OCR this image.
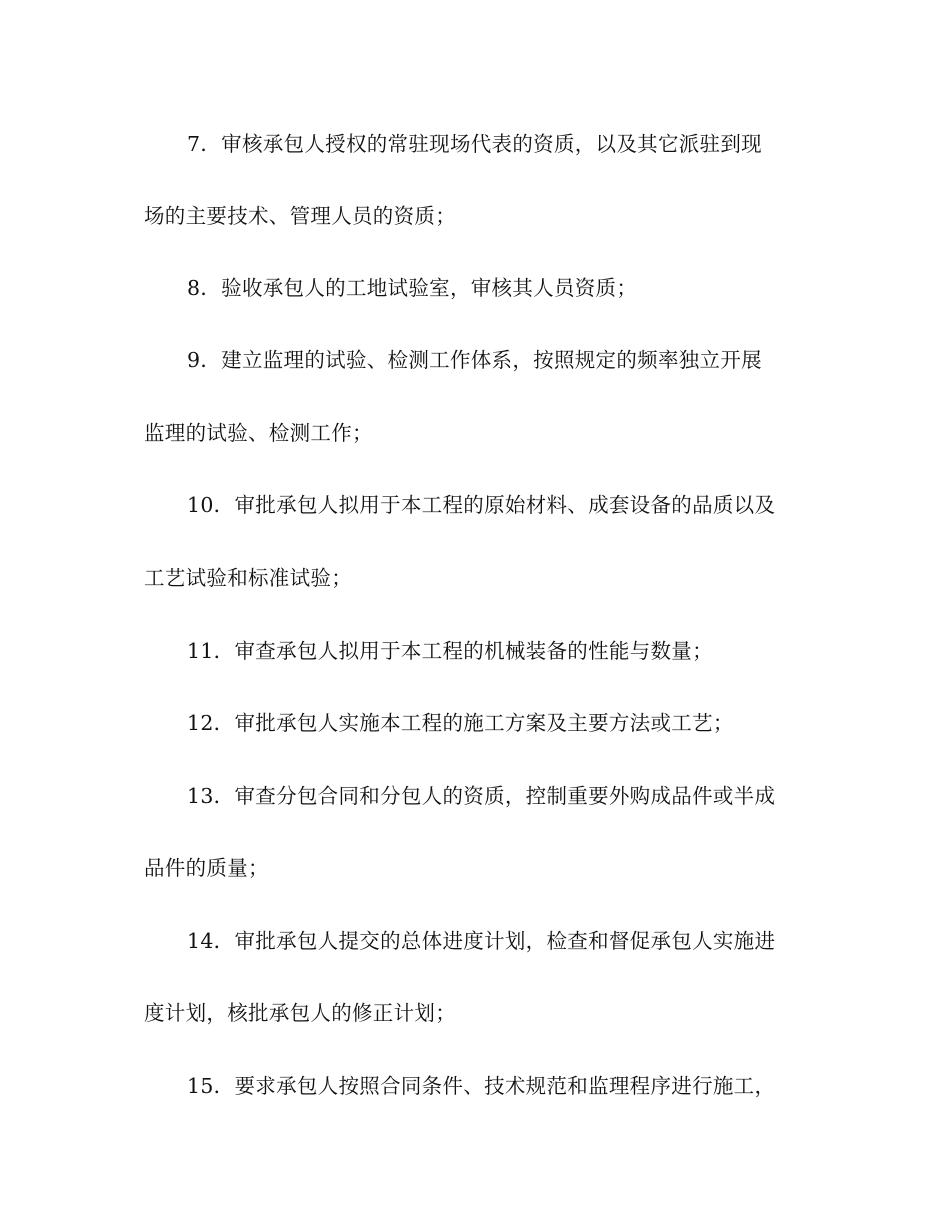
7．审核承包人授权的常驻现场代表的资质，以及其它派驻到现
场的主要技术、管理人员的资质；
8．验收承包人的工地试验室，审核其人员资质；
9．建立监理的试验、检测工作体系，按照规定的频率独立开展
监理的试验、检测工作；
10．审批承包人拟用于本工程的原始材料、成套设备的品质以及
工艺试验和标准试验；
11．审查承包人拟用于本工程的机械装备的性能与数量；
12．审批承包人实施本工程的施工方案及主要方法或工艺；
13．审查分包合同和分包人的资质，控制重要外购成品件或半成
品件的质量；
14．审批承包人提交的总体进度计划，检查和督促承包人实施进
度计划，核批承包人的修正计划；
15．要求承包人按照合同条件、技术规范和监理程序进行施工，
